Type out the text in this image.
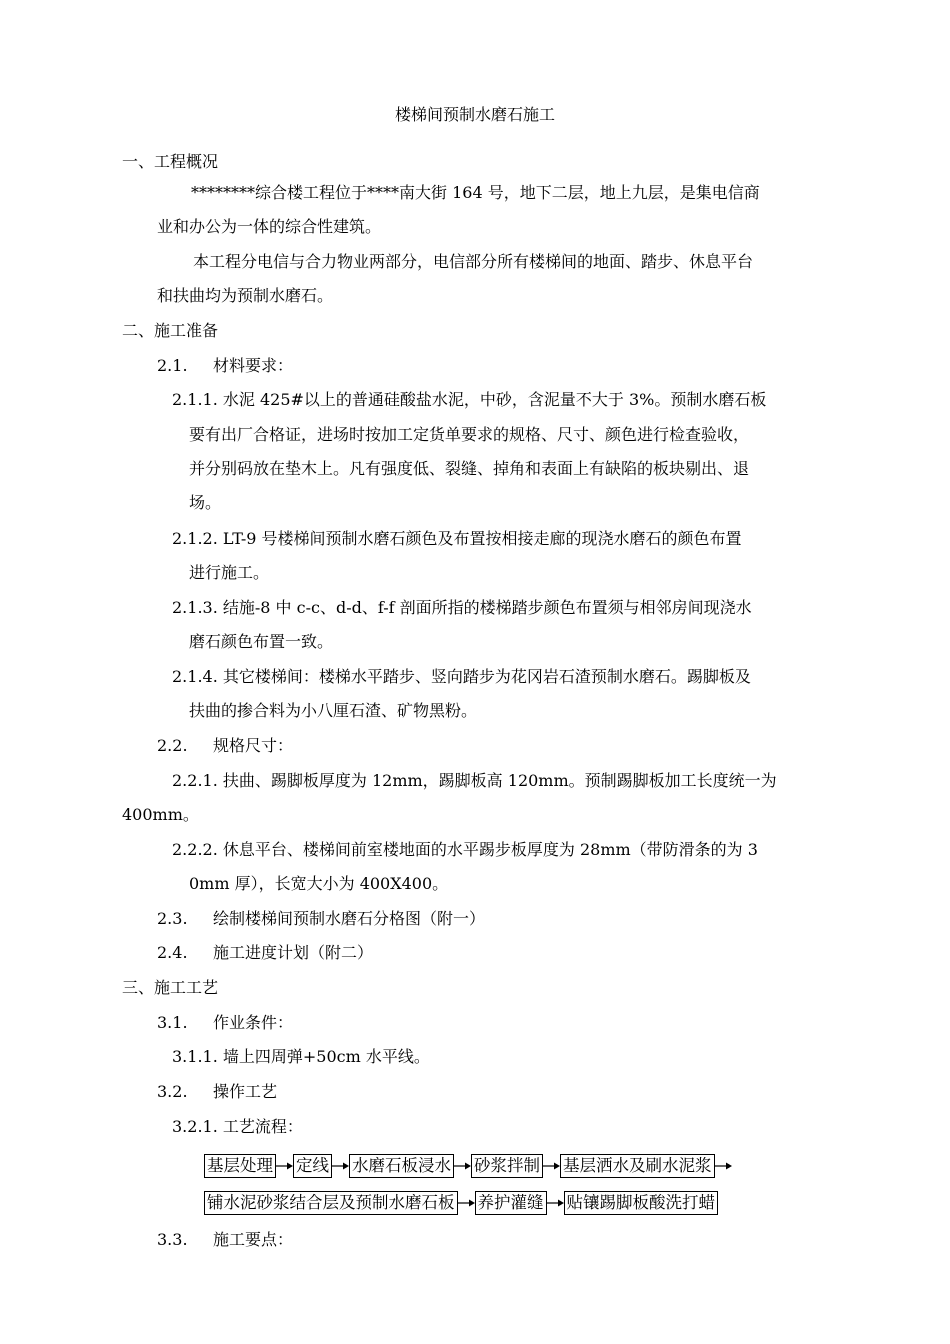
楼梯间预制水磨石施工
一、工程概况
********综合楼工程位于****南大街 164 号，地下二层，地上九层，是集电信商
业和办公为一体的综合性建筑。
本工程分电信与合力物业两部分，电信部分所有楼梯间的地面、踏步、休息平台
和扶曲均为预制水磨石。
二、施工准备
2.1.     材料要求：
2.1.1. 水泥 425#以上的普通硅酸盐水泥，中砂，含泥量不大于 3%。预制水磨石板
要有出厂合格证，进场时按加工定货单要求的规格、尺寸、颜色进行检查验收，
并分别码放在垫木上。凡有强度低、裂缝、掉角和表面上有缺陷的板块剔出、退
场。
2.1.2. LT-9 号楼梯间预制水磨石颜色及布置按相接走廊的现浇水磨石的颜色布置
进行施工。
2.1.3. 结施-8 中 c-c、d-d、f-f 剖面所指的楼梯踏步颜色布置须与相邻房间现浇水
磨石颜色布置一致。
2.1.4. 其它楼梯间：楼梯水平踏步、竖向踏步为花冈岩石渣预制水磨石。踢脚板及
扶曲的掺合料为小八厘石渣、矿物黑粉。
2.2.     规格尺寸：
2.2.1. 扶曲、踢脚板厚度为 12mm，踢脚板高 120mm。预制踢脚板加工长度统一为
400mm。
2.2.2. 休息平台、楼梯间前室楼地面的水平踢步板厚度为 28mm（带防滑条的为 3
0mm 厚），长宽大小为 400X400。
2.3.     绘制楼梯间预制水磨石分格图（附一）
2.4.     施工进度计划（附二）
三、施工工艺
3.1.     作业条件：
3.1.1. 墙上四周弹+50cm 水平线。
3.2.     操作工艺
3.2.1. 工艺流程：
基层处理 定线 水磨石板浸水 砂浆拌制 基层洒水及刷水泥浆
铺水泥砂浆结合层及预制水磨石板 养护灌缝 贴镶踢脚板酸洗打蜡
3.3.     施工要点：
